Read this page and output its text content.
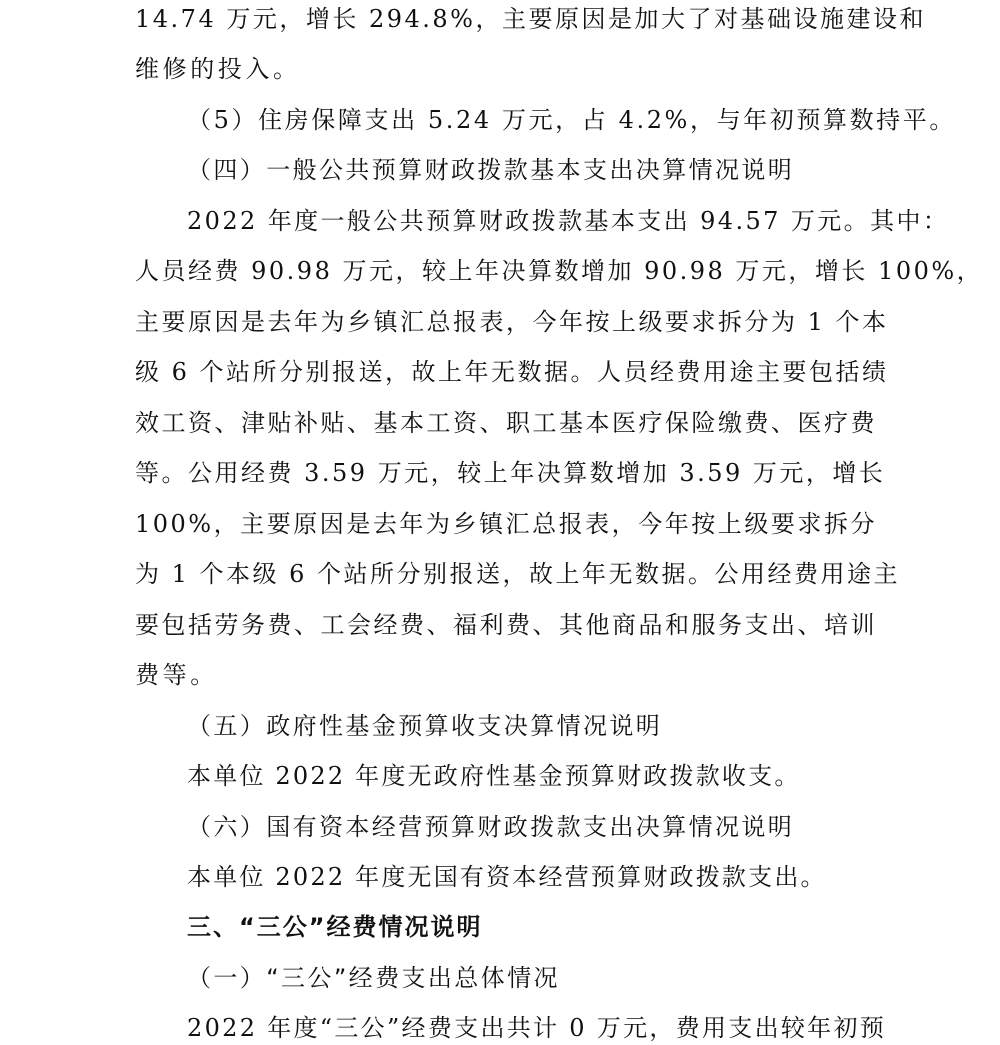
14.74 万元，增长 294.8%，主要原因是加大了对基础设施建设和
维修的投入。
（5）住房保障支出 5.24 万元，占 4.2%，与年初预算数持平。
（四）一般公共预算财政拨款基本支出决算情况说明
2022 年度一般公共预算财政拨款基本支出 94.57 万元。其中：
人员经费 90.98 万元，较上年决算数增加 90.98 万元，增长 100%，
主要原因是去年为乡镇汇总报表，今年按上级要求拆分为 1 个本
级 6 个站所分别报送，故上年无数据。人员经费用途主要包括绩
效工资、津贴补贴、基本工资、职工基本医疗保险缴费、医疗费
等。公用经费 3.59 万元，较上年决算数增加 3.59 万元，增长
100%，主要原因是去年为乡镇汇总报表，今年按上级要求拆分
为 1 个本级 6 个站所分别报送，故上年无数据。公用经费用途主
要包括劳务费、工会经费、福利费、其他商品和服务支出、培训
费等。
（五）政府性基金预算收支决算情况说明
本单位 2022 年度无政府性基金预算财政拨款收支。
（六）国有资本经营预算财政拨款支出决算情况说明
本单位 2022 年度无国有资本经营预算财政拨款支出。
三、“三公”经费情况说明
（一）“三公”经费支出总体情况
2022 年度“三公”经费支出共计 0 万元，费用支出较年初预
